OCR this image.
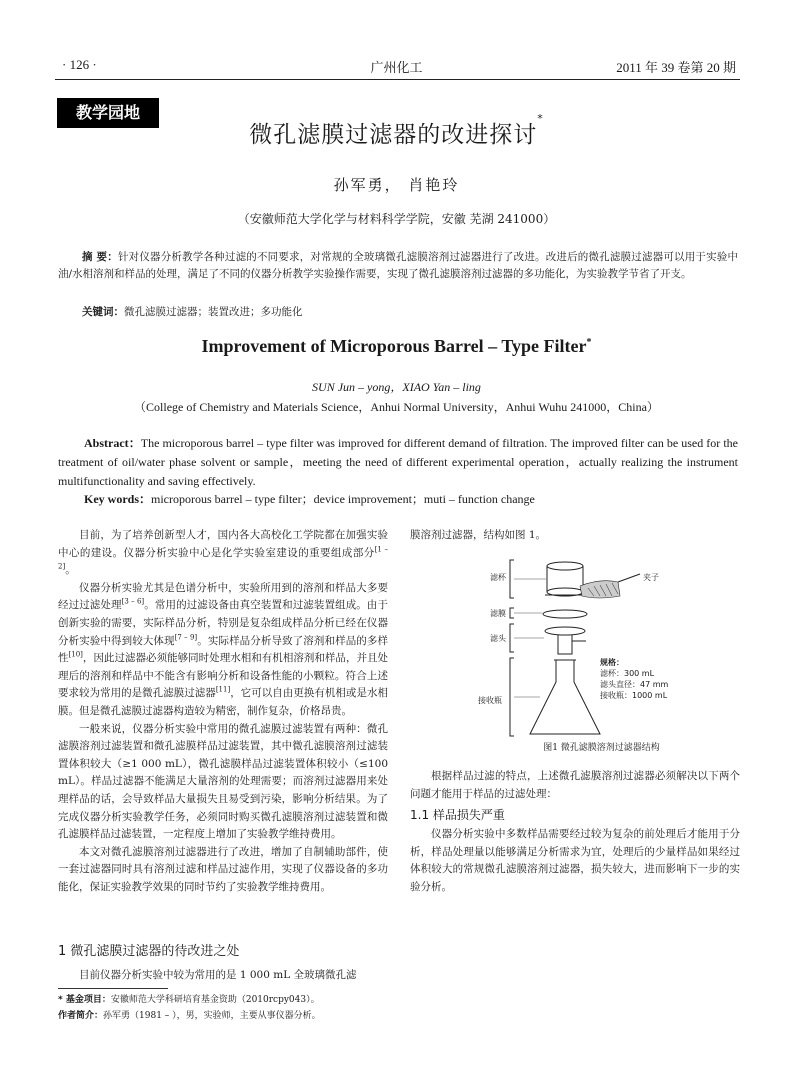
· 126 ·	广州化工	2011 年 39 卷第 20 期
教学园地
微孔滤膜过滤器的改进探讨*
孙军勇， 肖艳玲
（安徽师范大学化学与材料科学学院，安徽 芜湖 241000）
摘 要：针对仪器分析教学各种过滤的不同要求，对常规的全玻璃微孔滤膜溶剂过滤器进行了改进。改进后的微孔滤膜过滤器可以用于实验中油/水相溶剂和样品的处理，满足了不同的仪器分析教学实验操作需要，实现了微孔滤膜溶剂过滤器的多功能化，为实验教学节省了开支。
关键词：微孔滤膜过滤器；装置改进；多功能化
Improvement of Microporous Barrel – Type Filter*
SUN Jun – yong，XIAO Yan – ling
（College of Chemistry and Materials Science，Anhui Normal University，Anhui Wuhu 241000，China）
Abstract：The microporous barrel – type filter was improved for different demand of filtration. The improved filter can be used for the treatment of oil/water phase solvent or sample，meeting the need of different experimental operation，actually realizing the instrument multifunctionality and saving effectively.
Key words：microporous barrel – type filter；device improvement；muti – function change

目前，为了培养创新型人才，国内各大高校化工学院都在加强实验中心的建设。仪器分析实验中心是化学实验室建设的重要组成部分[1 – 2]。

仪器分析实验尤其是色谱分析中，实验所用到的溶剂和样品大多要经过过滤处理[3 – 6]。常用的过滤设备由真空装置和过滤装置组成。由于创新实验的需要，实际样品分析，特别是复杂组成样品分析已经在仪器分析实验中得到较大体现[7 – 9]。实际样品分析导致了溶剂和样品的多样性[10]，因此过滤器必须能够同时处理水相和有机相溶剂和样品，并且处理后的溶剂和样品中不能含有影响分析和设备性能的小颗粒。符合上述要求较为常用的是微孔滤膜过滤器[11]，它可以自由更换有机相或是水相膜。但是微孔滤膜过滤器构造较为精密，制作复杂，价格昂贵。

一般来说，仪器分析实验中常用的微孔滤膜过滤装置有两种：微孔滤膜溶剂过滤装置和微孔滤膜样品过滤装置，其中微孔滤膜溶剂过滤装置体积较大（≥1 000 mL），微孔滤膜样品过滤装置体积较小（≤100 mL）。样品过滤器不能满足大量溶剂的处理需要；而溶剂过滤器用来处理样品的话，会导致样品大量损失且易受到污染，影响分析结果。为了完成仪器分析实验教学任务，必须同时购买微孔滤膜溶剂过滤装置和微孔滤膜样品过滤装置，一定程度上增加了实验教学维持费用。

本文对微孔滤膜溶剂过滤器进行了改进，增加了自制辅助部件，使一套过滤器同时具有溶剂过滤和样品过滤作用，实现了仪器设备的多功能化，保证实验教学效果的同时节约了实验教学维持费用。

1 微孔滤膜过滤器的待改进之处

目前仪器分析实验中较为常用的是 1 000 mL 全玻璃微孔滤

* 基金项目：安徽师范大学科研培育基金资助（2010rcpy043）。
作者简介：孙军勇（1981 – ），男，实验师，主要从事仪器分析。

膜溶剂过滤器，结构如图 1。

滤杯
滤膜
滤头
接收瓶
夹子
规格：
滤杯：300 mL
滤头直径：47 mm
接收瓶：1000 mL
图1 微孔滤膜溶剂过滤器结构

根据样品过滤的特点，上述微孔滤膜溶剂过滤器必须解决以下两个问题才能用于样品的过滤处理：

1.1 样品损失严重

仪器分析实验中多数样品需要经过较为复杂的前处理后才能用于分析，样品处理量以能够满足分析需求为宜，处理后的少量样品如果经过体积较大的常规微孔滤膜溶剂过滤器，损失较大，进而影响下一步的实验分析。
